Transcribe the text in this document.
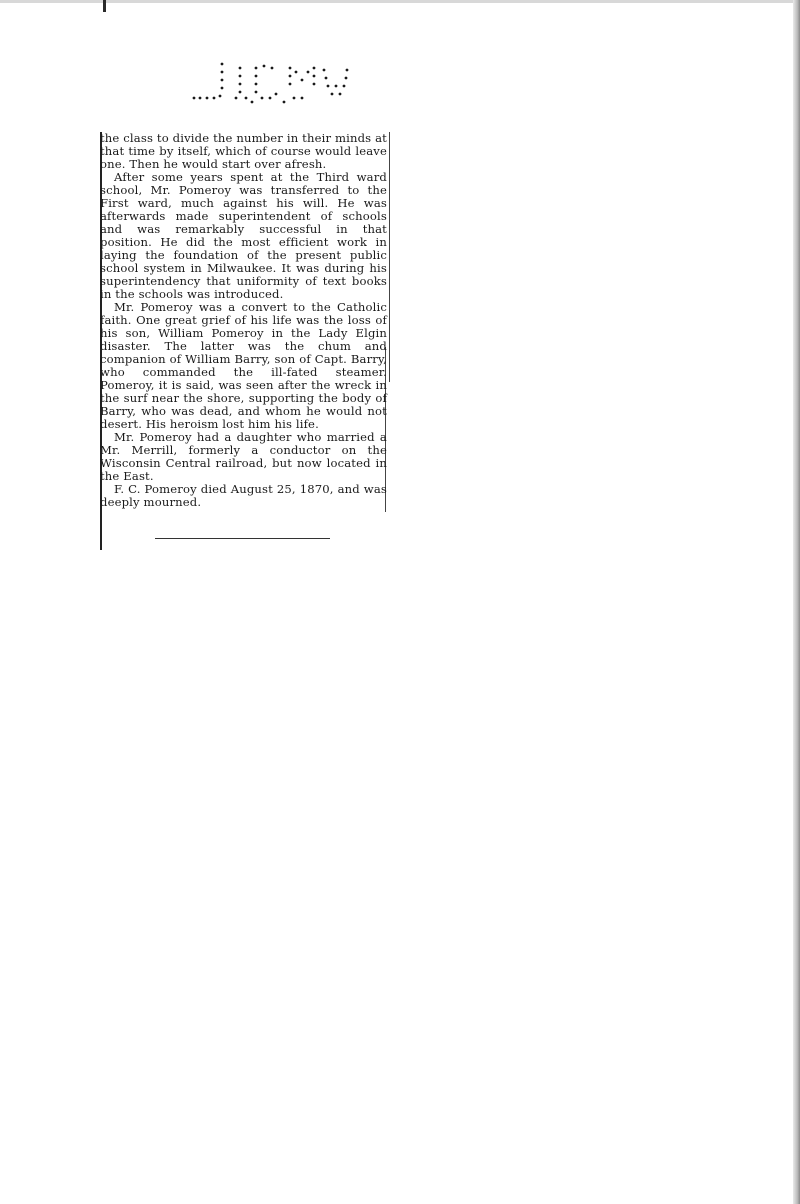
the class to divide the number in their minds at that time by itself, which of course would leave one. Then he would start over afresh.

After some years spent at the Third ward school, Mr. Pomeroy was transferred to the First ward, much against his will. He was afterwards made superintendent of schools and was remarkably successful in that position. He did the most efficient work in laying the foundation of the present public school system in Milwaukee. It was during his superintendency that uniformity of text books in the schools was introduced.

Mr. Pomeroy was a convert to the Catholic faith. One great grief of his life was the loss of his son, William Pomeroy in the Lady Elgin disaster. The latter was the chum and companion of William Barry, son of Capt. Barry, who commanded the ill-fated steamer. Pomeroy, it is said, was seen after the wreck in the surf near the shore, supporting the body of Barry, who was dead, and whom he would not desert. His heroism lost him his life.

Mr. Pomeroy had a daughter who married a Mr. Merrill, formerly a conductor on the Wisconsin Central railroad, but now located in the East.

F. C. Pomeroy died August 25, 1870, and was deeply mourned.
